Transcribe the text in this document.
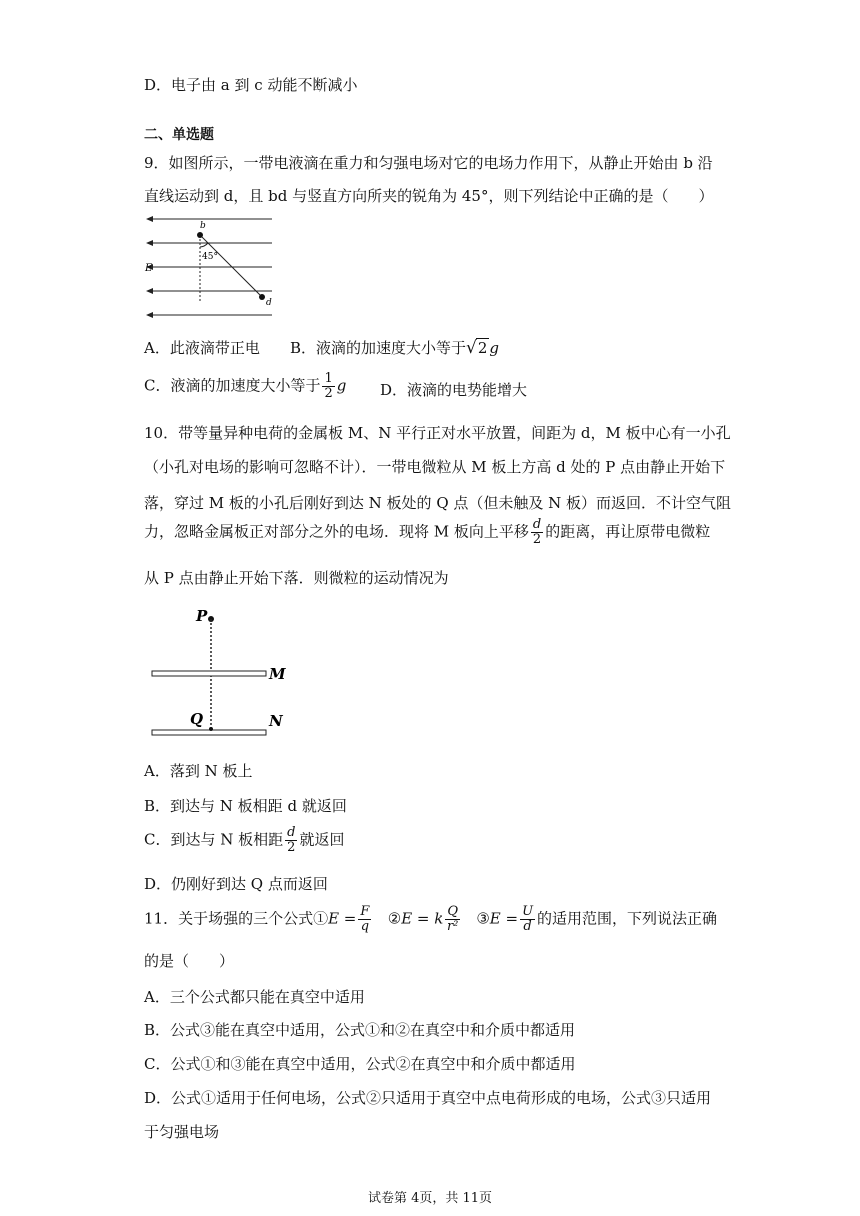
D．电子由 a 到 c 动能不断减小
二、单选题
9．如图所示，一带电液滴在重力和匀强电场对它的电场力作用下，从静止开始由 b 沿
直线运动到 d，且 bd 与竖直方向所夹的锐角为 45°，则下列结论中正确的是（　　）
b
d
E
45°
A．此液滴带正电 B．液滴的加速度大小等于√2 g
C．液滴的加速度大小等于 $\frac{1}{2}$ g D．液滴的电势能增大
10．带等量异种电荷的金属板 M、N 平行正对水平放置，间距为 d，M 板中心有一小孔
（小孔对电场的影响可忽略不计）．一带电微粒从 M 板上方高 d 处的 P 点由静止开始下
落，穿过 M 板的小孔后刚好到达 N 板处的 Q 点（但未触及 N 板）而返回．不计空气阻
力，忽略金属板正对部分之外的电场．现将 M 板向上平移 $\frac{d}{2}$ 的距离，再让原带电微粒
从 P 点由静止开始下落．则微粒的运动情况为
P
M
Q	N
A．落到 N 板上
B．到达与 N 板相距 d 就返回
C．到达与 N 板相距 $\frac{d}{2}$ 就返回
D．仍刚好到达 Q 点而返回
11．关于场强的三个公式①E = $\frac{F}{q}$ ②E = k $\frac{Q}{\text{r²}}$ ③E = $\frac{U}{d}$ 的适用范围，下列说法正确
的是（　　）
A．三个公式都只能在真空中适用
B．公式③能在真空中适用，公式①和②在真空中和介质中都适用
C．公式①和③能在真空中适用，公式②在真空中和介质中都适用
D．公式①适用于任何电场，公式②只适用于真空中点电荷形成的电场，公式③只适用
于匀强电场
试卷第 4页，共 11页
